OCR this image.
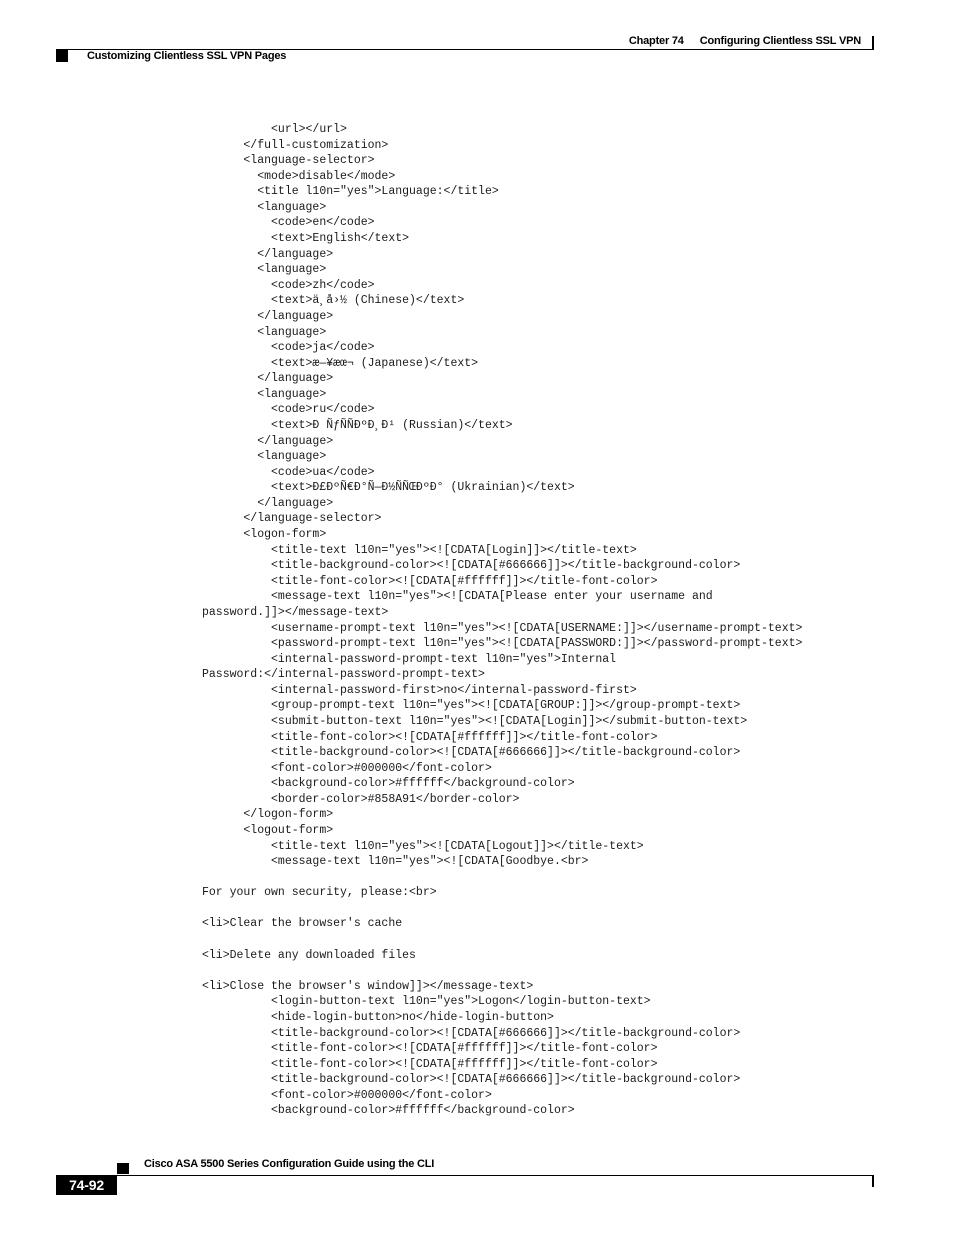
Chapter 74 Configuring Clientless SSL VPN
Customizing Clientless SSL VPN Pages
<url></url>
</full-customization>
<language-selector>
<mode>disable</mode>
<title l10n="yes">Language:</title>
<language>
<code>en</code>
<text>English</text>
</language>
<language>
<code>zh</code>
<text>ä¸å›½ (Chinese)</text>
</language>
<language>
<code>ja</code>
<text>æ—¥æœ¬ (Japanese)</text>
</language>
<language>
<code>ru</code>
<text>Ð ÑƒÑÑÐºÐ¸Ð¹ (Russian)</text>
</language>
<language>
<code>ua</code>
<text>Ð£ÐºÑ€Ð°Ñ—Ð½ÑÑŒÐºÐ° (Ukrainian)</text>
</language>
</language-selector>
<logon-form>
<title-text l10n="yes"><![CDATA[Login]]></title-text>
<title-background-color><![CDATA[#666666]]></title-background-color>
<title-font-color><![CDATA[#ffffff]]></title-font-color>
<message-text l10n="yes"><![CDATA[Please enter your username and
password.]]></message-text>
<username-prompt-text l10n="yes"><![CDATA[USERNAME:]]></username-prompt-text>
<password-prompt-text l10n="yes"><![CDATA[PASSWORD:]]></password-prompt-text>
<internal-password-prompt-text l10n="yes">Internal
Password:</internal-password-prompt-text>
<internal-password-first>no</internal-password-first>
<group-prompt-text l10n="yes"><![CDATA[GROUP:]]></group-prompt-text>
<submit-button-text l10n="yes"><![CDATA[Login]]></submit-button-text>
<title-font-color><![CDATA[#ffffff]]></title-font-color>
<title-background-color><![CDATA[#666666]]></title-background-color>
<font-color>#000000</font-color>
<background-color>#ffffff</background-color>
<border-color>#858A91</border-color>
</logon-form>
<logout-form>
<title-text l10n="yes"><![CDATA[Logout]]></title-text>
<message-text l10n="yes"><![CDATA[Goodbye.<br>
For your own security, please:<br>
<li>Clear the browser's cache
<li>Delete any downloaded files
<li>Close the browser's window]]></message-text>
<login-button-text l10n="yes">Logon</login-button-text>
<hide-login-button>no</hide-login-button>
<title-background-color><![CDATA[#666666]]></title-background-color>
<title-font-color><![CDATA[#ffffff]]></title-font-color>
<title-font-color><![CDATA[#ffffff]]></title-font-color>
<title-background-color><![CDATA[#666666]]></title-background-color>
<font-color>#000000</font-color>
<background-color>#ffffff</background-color>
Cisco ASA 5500 Series Configuration Guide using the CLI
74-92
